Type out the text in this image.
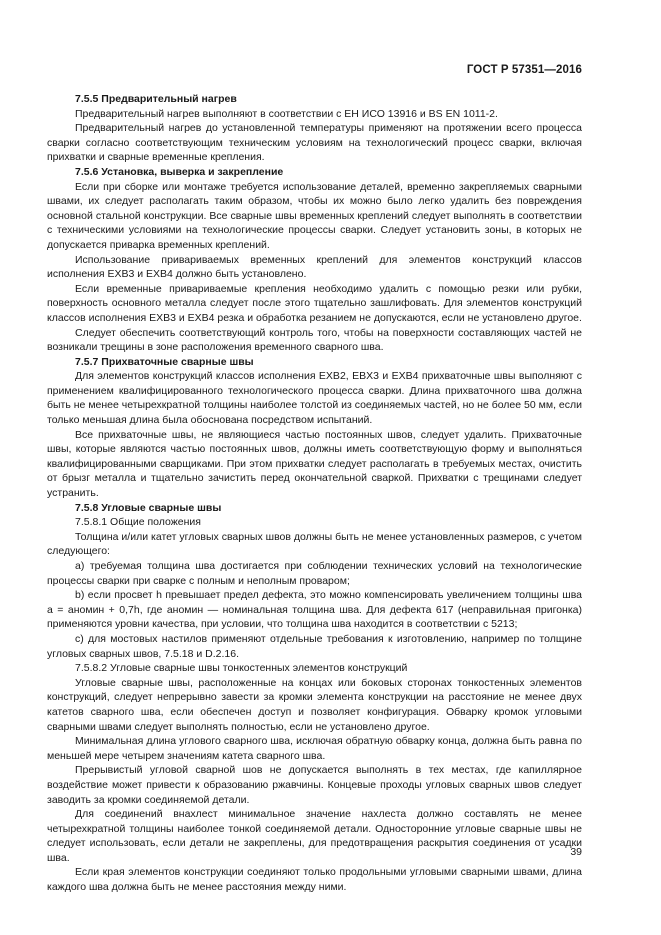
ГОСТ Р 57351—2016

7.5.5 Предварительный нагрев

Предварительный нагрев выполняют в соответствии с ЕН ИСО 13916 и BS EN 1011-2.

Предварительный нагрев до установленной температуры применяют на протяжении всего процесса сварки согласно соответствующим техническим условиям на технологический процесс сварки, включая прихватки и сварные временные крепления.

7.5.6 Установка, выверка и закрепление

Если при сборке или монтаже требуется использование деталей, временно закрепляемых сварными швами, их следует располагать таким образом, чтобы их можно было легко удалить без повреждения основной стальной конструкции. Все сварные швы временных креплений следует выполнять в соответствии с техническими условиями на технологические процессы сварки. Следует установить зоны, в которых не допускается приварка временных креплений.

Использование привариваемых временных креплений для элементов конструкций классов исполнения EXB3 и EXB4 должно быть установлено.

Если временные привариваемые крепления необходимо удалить с помощью резки или рубки, поверхность основного металла следует после этого тщательно зашлифовать. Для элементов конструкций классов исполнения EXB3 и EXB4 резка и обработка резанием не допускаются, если не установлено другое.

Следует обеспечить соответствующий контроль того, чтобы на поверхности составляющих частей не возникали трещины в зоне расположения временного сварного шва.

7.5.7 Прихваточные сварные швы

Для элементов конструкций классов исполнения EXB2, EBX3 и EXB4 прихваточные швы выполняют с применением квалифицированного технологического процесса сварки. Длина прихваточного шва должна быть не менее четырехкратной толщины наиболее толстой из соединяемых частей, но не более 50 мм, если только меньшая длина была обоснована посредством испытаний.

Все прихваточные швы, не являющиеся частью постоянных швов, следует удалить. Прихваточные швы, которые являются частью постоянных швов, должны иметь соответствующую форму и выполняться квалифицированными сварщиками. При этом прихватки следует располагать в требуемых местах, очистить от брызг металла и тщательно зачистить перед окончательной сваркой. Прихватки с трещинами следует устранить.

7.5.8 Угловые сварные швы

7.5.8.1 Общие положения

Толщина и/или катет угловых сварных швов должны быть не менее установленных размеров, с учетом следующего:

a) требуемая толщина шва достигается при соблюдении технических условий на технологические процессы сварки при сварке с полным и неполным проваром;

b) если просвет h превышает предел дефекта, это можно компенсировать увеличением толщины шва a = aномин + 0,7h, где aномин — номинальная толщина шва. Для дефекта 617 (неправильная пригонка) применяются уровни качества, при условии, что толщина шва находится в соответствии с 5213;

c) для мостовых настилов применяют отдельные требования к изготовлению, например по толщине угловых сварных швов, 7.5.18 и D.2.16.

7.5.8.2 Угловые сварные швы тонкостенных элементов конструкций

Угловые сварные швы, расположенные на концах или боковых сторонах тонкостенных элементов конструкций, следует непрерывно завести за кромки элемента конструкции на расстояние не менее двух катетов сварного шва, если обеспечен доступ и позволяет конфигурация. Обварку кромок угловыми сварными швами следует выполнять полностью, если не установлено другое.

Минимальная длина углового сварного шва, исключая обратную обварку конца, должна быть равна по меньшей мере четырем значениям катета сварного шва.

Прерывистый угловой сварной шов не допускается выполнять в тех местах, где капиллярное воздействие может привести к образованию ржавчины. Концевые проходы угловых сварных швов следует заводить за кромки соединяемой детали.

Для соединений внахлест минимальное значение нахлеста должно составлять не менее четырехкратной толщины наиболее тонкой соединяемой детали. Односторонние угловые сварные швы не следует использовать, если детали не закреплены, для предотвращения раскрытия соединения от усадки шва.

Если края элементов конструкции соединяют только продольными угловыми сварными швами, длина каждого шва должна быть не менее расстояния между ними.

39
